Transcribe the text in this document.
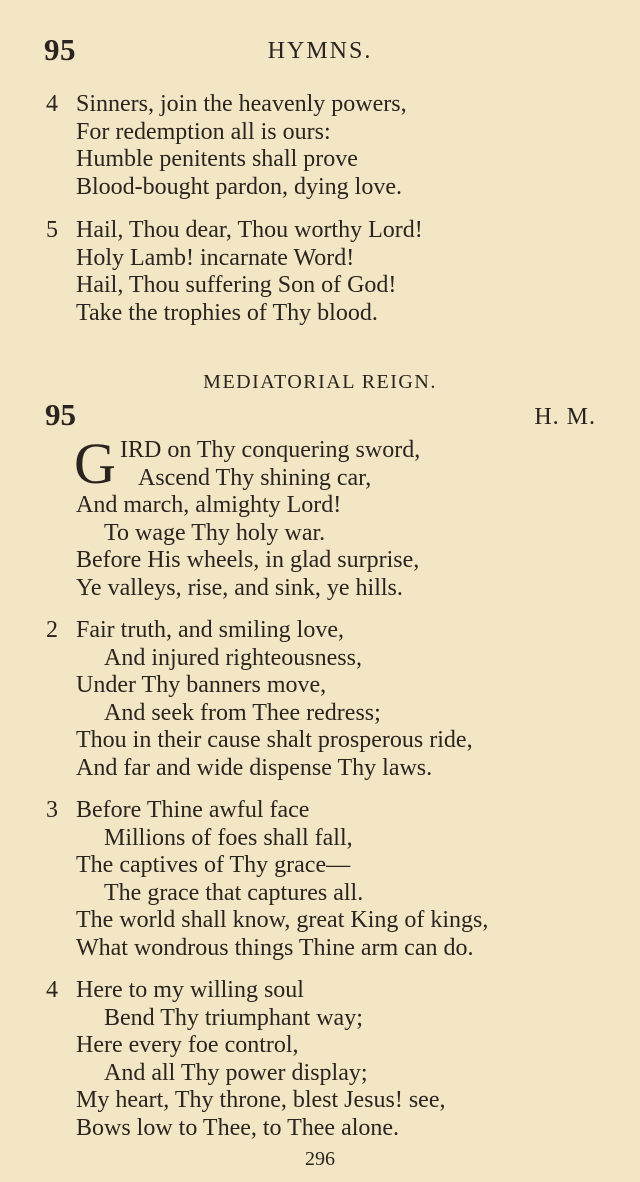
95	HYMNS.
4 Sinners, join the heavenly powers,
For redemption all is ours:
Humble penitents shall prove
Blood-bought pardon, dying love.
5 Hail, Thou dear, Thou worthy Lord!
Holy Lamb! incarnate Word!
Hail, Thou suffering Son of God!
Take the trophies of Thy blood.
MEDIATORIAL REIGN.
95	H. M.
G IRD on Thy conquering sword,
Ascend Thy shining car,
And march, almighty Lord!
To wage Thy holy war.
Before His wheels, in glad surprise,
Ye valleys, rise, and sink, ye hills.
2 Fair truth, and smiling love,
And injured righteousness,
Under Thy banners move,
And seek from Thee redress;
Thou in their cause shalt prosperous ride,
And far and wide dispense Thy laws.
3 Before Thine awful face
Millions of foes shall fall,
The captives of Thy grace—
The grace that captures all.
The world shall know, great King of kings,
What wondrous things Thine arm can do.
4 Here to my willing soul
Bend Thy triumphant way;
Here every foe control,
And all Thy power display;
My heart, Thy throne, blest Jesus! see,
Bows low to Thee, to Thee alone.
296
